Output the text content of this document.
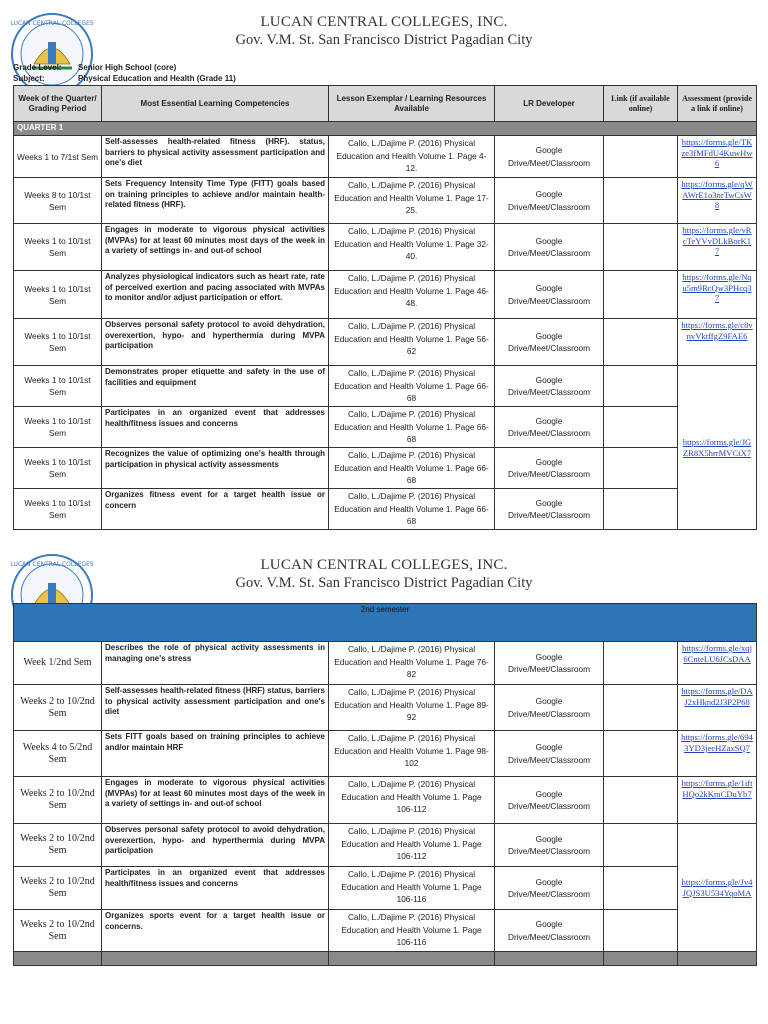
LUCAN CENTRAL COLLEGES	LUCAN CENTRAL COLLEGES, INC.
Gov. V.M. St. San Francisco District Pagadian City
Grade Level: Senior High School (core)
Subject:	Physical Education and Health (Grade 11)
Week of the Quarter/ Grading Period	Most Essential Learning Competencies	Lesson Exemplar / Learning Resources Available	LR Developer	Link (if available online)	Assessment (provide a link if online)
QUARTER 1					
Weeks 1 to 7/1st Sem	Self-assesses health-related fitness (HRF). status, barriers to physical activity assessment participation and one's diet	Callo, L./Dajime P. (2016) Physical Education and Health Volume 1. Page 4-12.	Google Drive/Meet/Classroom		https://forms.gle/TKze3fMFdU4KuwHw6
Weeks 8 to 10/1st Sem	Sets Frequency Intensity Time Type (FITT) goals based on training principles to achieve and/or maintain health-related fitness (HRF).	Callo, L./Dajime P. (2016) Physical Education and Health Volume 1. Page 17-25.	Google Drive/Meet/Classroom		https://forms.gle/qWAWrE1o3nrTwCsW8
Weeks 1 to 10/1st Sem	Engages in moderate to vigorous physical activities (MVPAs) for at least 60 minutes most days of the week in a variety of settings in- and out-of school	Callo, L./Dajime P. (2016) Physical Education and Health Volume 1. Page 32-40.	Google Drive/Meet/Classroom		https://forms.gle/vRcTeYVvDLkBorK17
Weeks 1 to 10/1st Sem	Analyzes physiological indicators such as heart rate, rate of perceived exertion and pacing associated with MVPAs to monitor and/or adjust participation or effort.	Callo, L./Dajime P. (2016) Physical Education and Health Volume 1. Page 46-48.	Google Drive/Meet/Classroom		https://forms.gle/Nqu5m9RcQw3PHcq37
Weeks 1 to 10/1st Sem	Observes personal safety protocol to avoid dehydration, overexertion, hypo- and hyperthermia during MVPA participation	Callo, L./Dajime P. (2016) Physical Education and Health Volume 1. Page 56-62	Google Drive/Meet/Classroom		https://forms.gle/c8vnvVktffgZ9FAE6
Weeks 1 to 10/1st Sem	Demonstrates proper etiquette and safety in the use of facilities and equipment	Callo, L./Dajime P. (2016) Physical Education and Health Volume 1. Page 66-68	Google Drive/Meet/Classroom		https://forms.gle/JGZR8X5hrrMVCtX7
Weeks 1 to 10/1st Sem	Participates in an organized event that addresses health/fitness issues and concerns	Callo, L./Dajime P. (2016) Physical Education and Health Volume 1. Page 66-68	Google Drive/Meet/Classroom		
Weeks 1 to 10/1st Sem	Recognizes the value of optimizing one's health through participation in physical activity assessments	Callo, L./Dajime P. (2016) Physical Education and Health Volume 1. Page 66-68	Google Drive/Meet/Classroom		
Weeks 1 to 10/1st Sem	Organizes fitness event for a target health issue or concern	Callo, L./Dajime P. (2016) Physical Education and Health Volume 1. Page 66-68	Google Drive/Meet/Classroom		
LUCAN CENTRAL COLLEGES	LUCAN CENTRAL COLLEGES, INC.
Gov. V.M. St. San Francisco District Pagadian City
2nd semester					
Week 1/2nd Sem	Describes the role of physical activity assessments in managing one's stress	Callo, L./Dajime P. (2016) Physical Education and Health Volume 1. Page 76-82	Google Drive/Meet/Classroom		https://forms.gle/xqj6CnteLU6JCsDAA
Weeks 2 to 10/2nd Sem	Self-assesses health-related fitness (HRF) status, barriers to physical activity assessment participation and one's diet	Callo, L./Dajime P. (2016) Physical Education and Health Volume 1. Page 89-92	Google Drive/Meet/Classroom		https://forms.gle/DAJ2xHknd2J3P2P68
Weeks 4 to 5/2nd Sem	Sets FITT goals based on training principles to achieve and/or maintain HRF	Callo, L./Dajime P. (2016) Physical Education and Health Volume 1. Page 98-102	Google Drive/Meet/Classroom		https://forms.gle/6943YD3jeeHZaxSQ7
Weeks 2 to 10/2nd Sem	Engages in moderate to vigorous physical activities (MVPAs) for at least 60 minutes most days of the week in a variety of settings in- and out-of school	Callo, L./Dajime P. (2016) Physical Education and Health Volume 1. Page 106-112	Google Drive/Meet/Classroom		https://forms.gle/1iftHQo2kKmCDuYb7
Weeks 2 to 10/2nd Sem	Observes personal safety protocol to avoid dehydration, overexertion, hypo- and hyperthermia during MVPA participation	Callo, L./Dajime P. (2016) Physical Education and Health Volume 1. Page 106-112	Google Drive/Meet/Classroom		https://forms.gle/Jv4JQJS3U534YqoMA
Weeks 2 to 10/2nd Sem	Participates in an organized event that addresses health/fitness issues and concerns	Callo, L./Dajime P. (2016) Physical Education and Health Volume 1. Page 106-116	Google Drive/Meet/Classroom		
Weeks 2 to 10/2nd Sem	Organizes sports event for a target health issue or concerns.	Callo, L./Dajime P. (2016) Physical Education and Health Volume 1. Page 106-116	Google Drive/Meet/Classroom		
